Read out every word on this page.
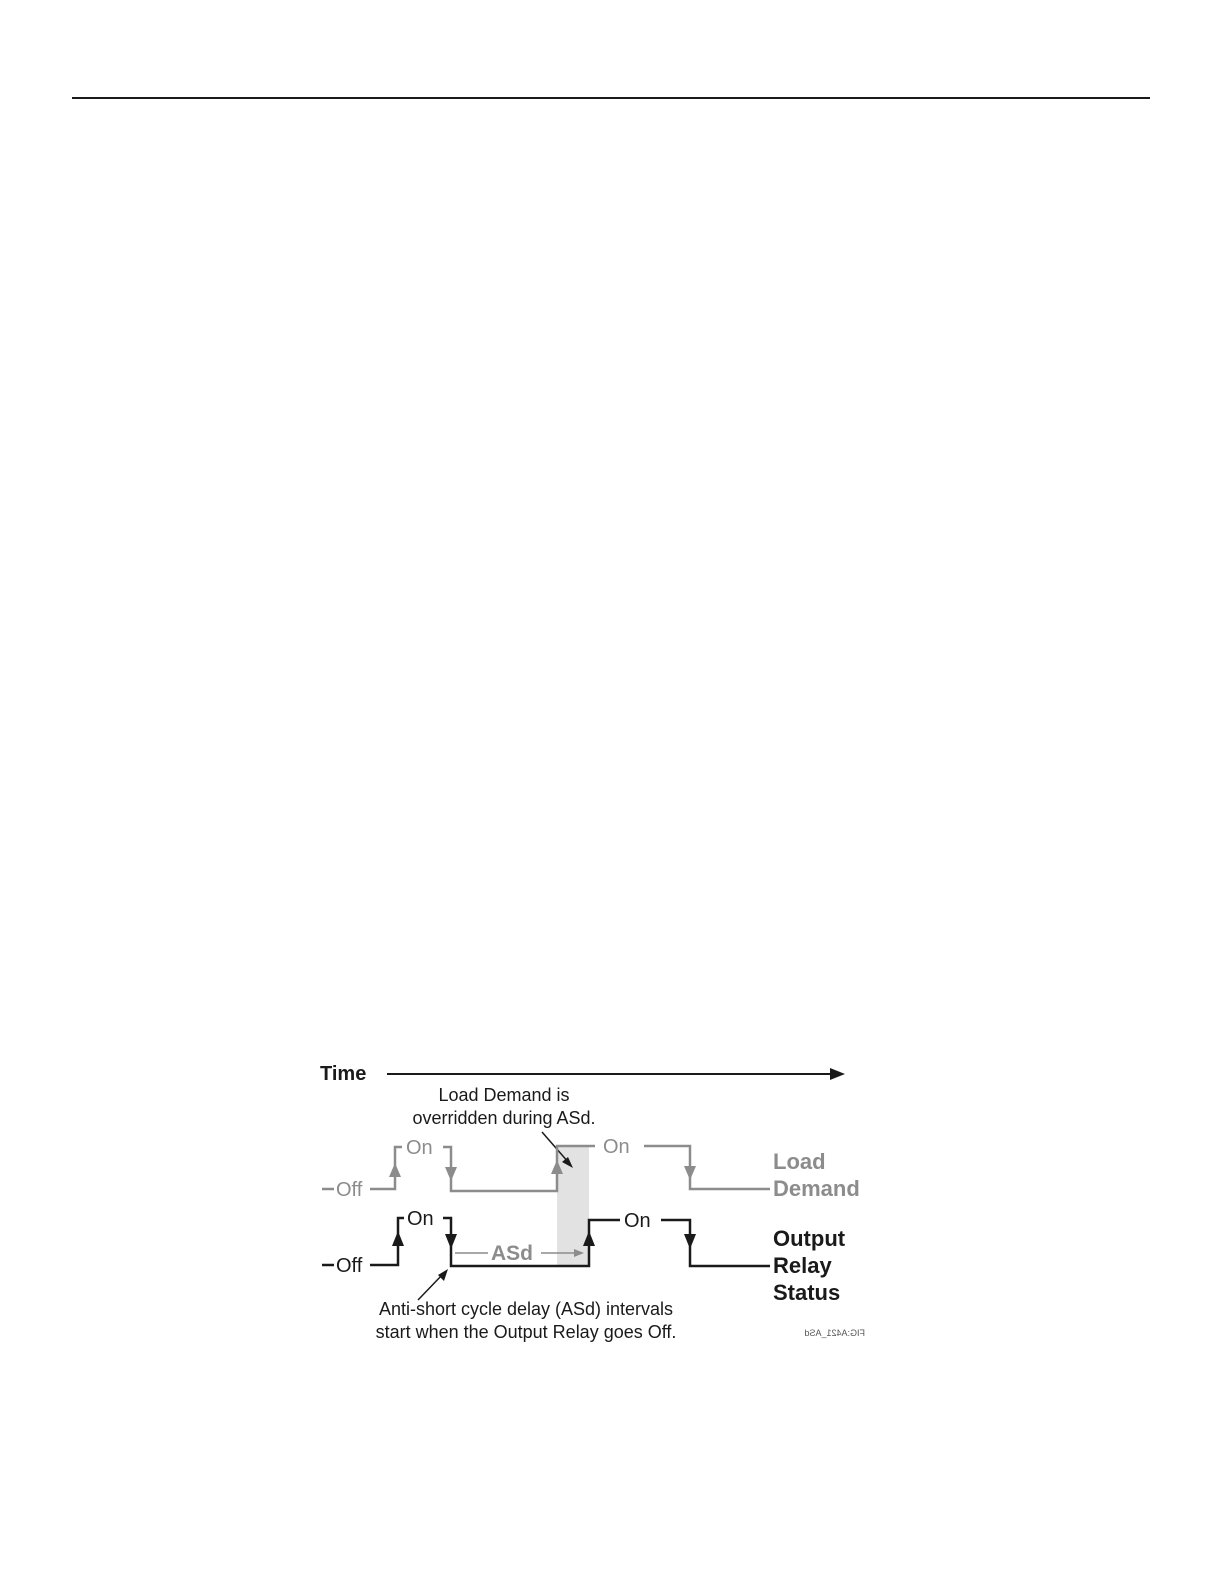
Time
Load Demand is
overridden during ASd.
Off
On	On
Load
Demand
Off
On	On
Output
Relay
Status
ASd
Anti-short cycle delay (ASd) intervals
start when the Output Relay goes Off.	FIG:A421_ASd
